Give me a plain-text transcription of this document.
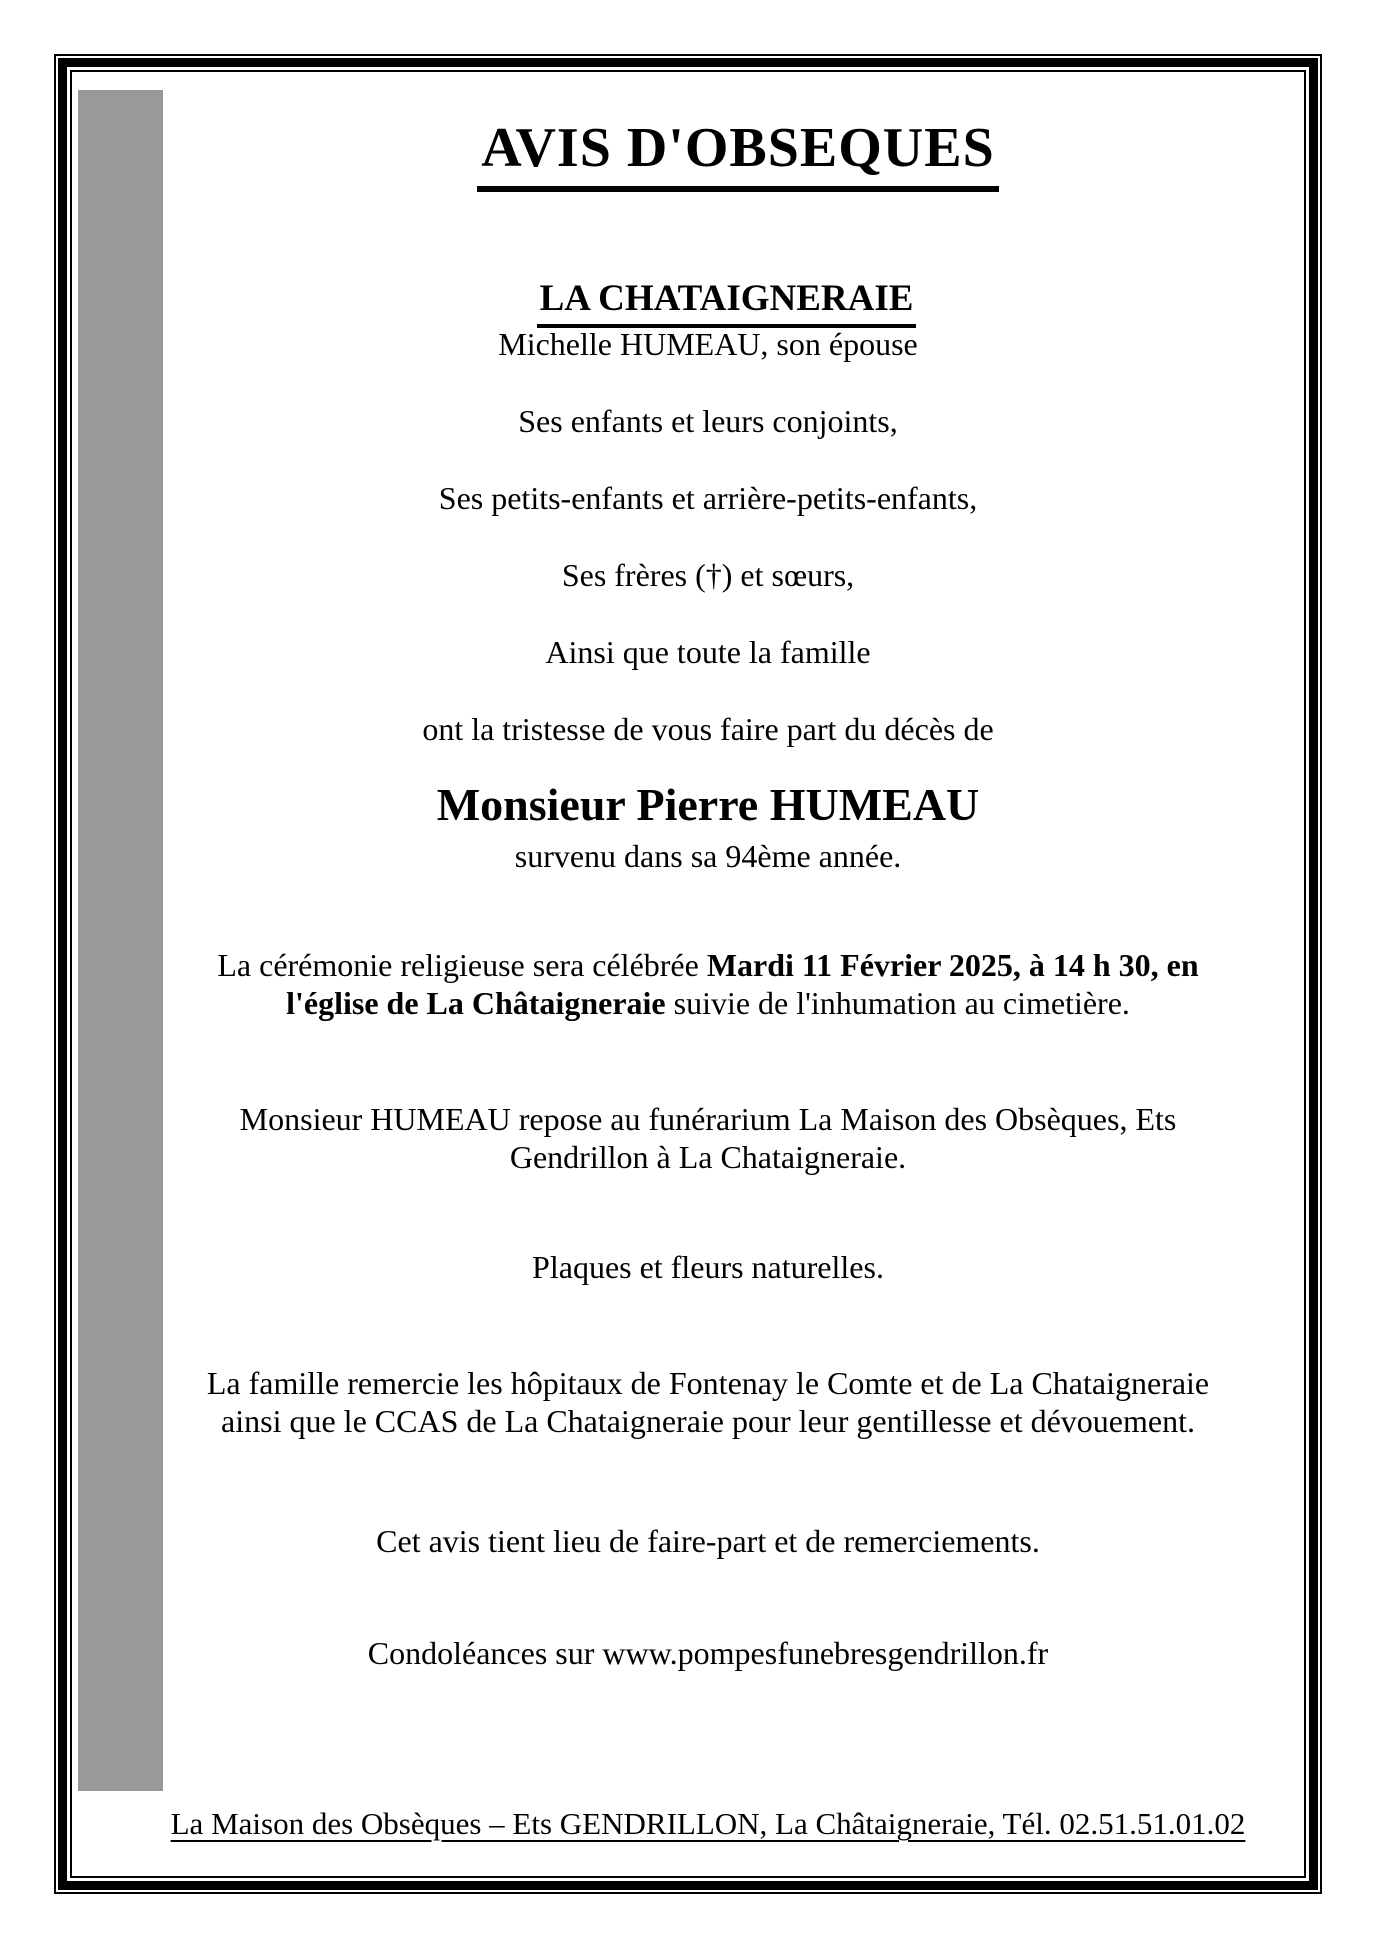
AVIS D'OBSEQUES

LA CHATAIGNERAIE

Michelle HUMEAU, son épouse
Ses enfants et leurs conjoints,
Ses petits-enfants et arrière-petits-enfants,
Ses frères (†) et sœurs,
Ainsi que toute la famille
ont la tristesse de vous faire part du décès de
Monsieur Pierre HUMEAU
survenu dans sa 94ème année.
La cérémonie religieuse sera célébrée Mardi 11 Février 2025, à 14 h 30, en
l'église de La Châtaigneraie suivie de l'inhumation au cimetière.
Monsieur HUMEAU repose au funérarium La Maison des Obsèques, Ets
Gendrillon à La Chataigneraie.
Plaques et fleurs naturelles.
La famille remercie les hôpitaux de Fontenay le Comte et de La Chataigneraie
ainsi que le CCAS de La Chataigneraie pour leur gentillesse et dévouement.
Cet avis tient lieu de faire-part et de remerciements.
Condoléances sur www.pompesfunebresgendrillon.fr
La Maison des Obsèques – Ets GENDRILLON, La Châtaigneraie, Tél. 02.51.51.01.02
